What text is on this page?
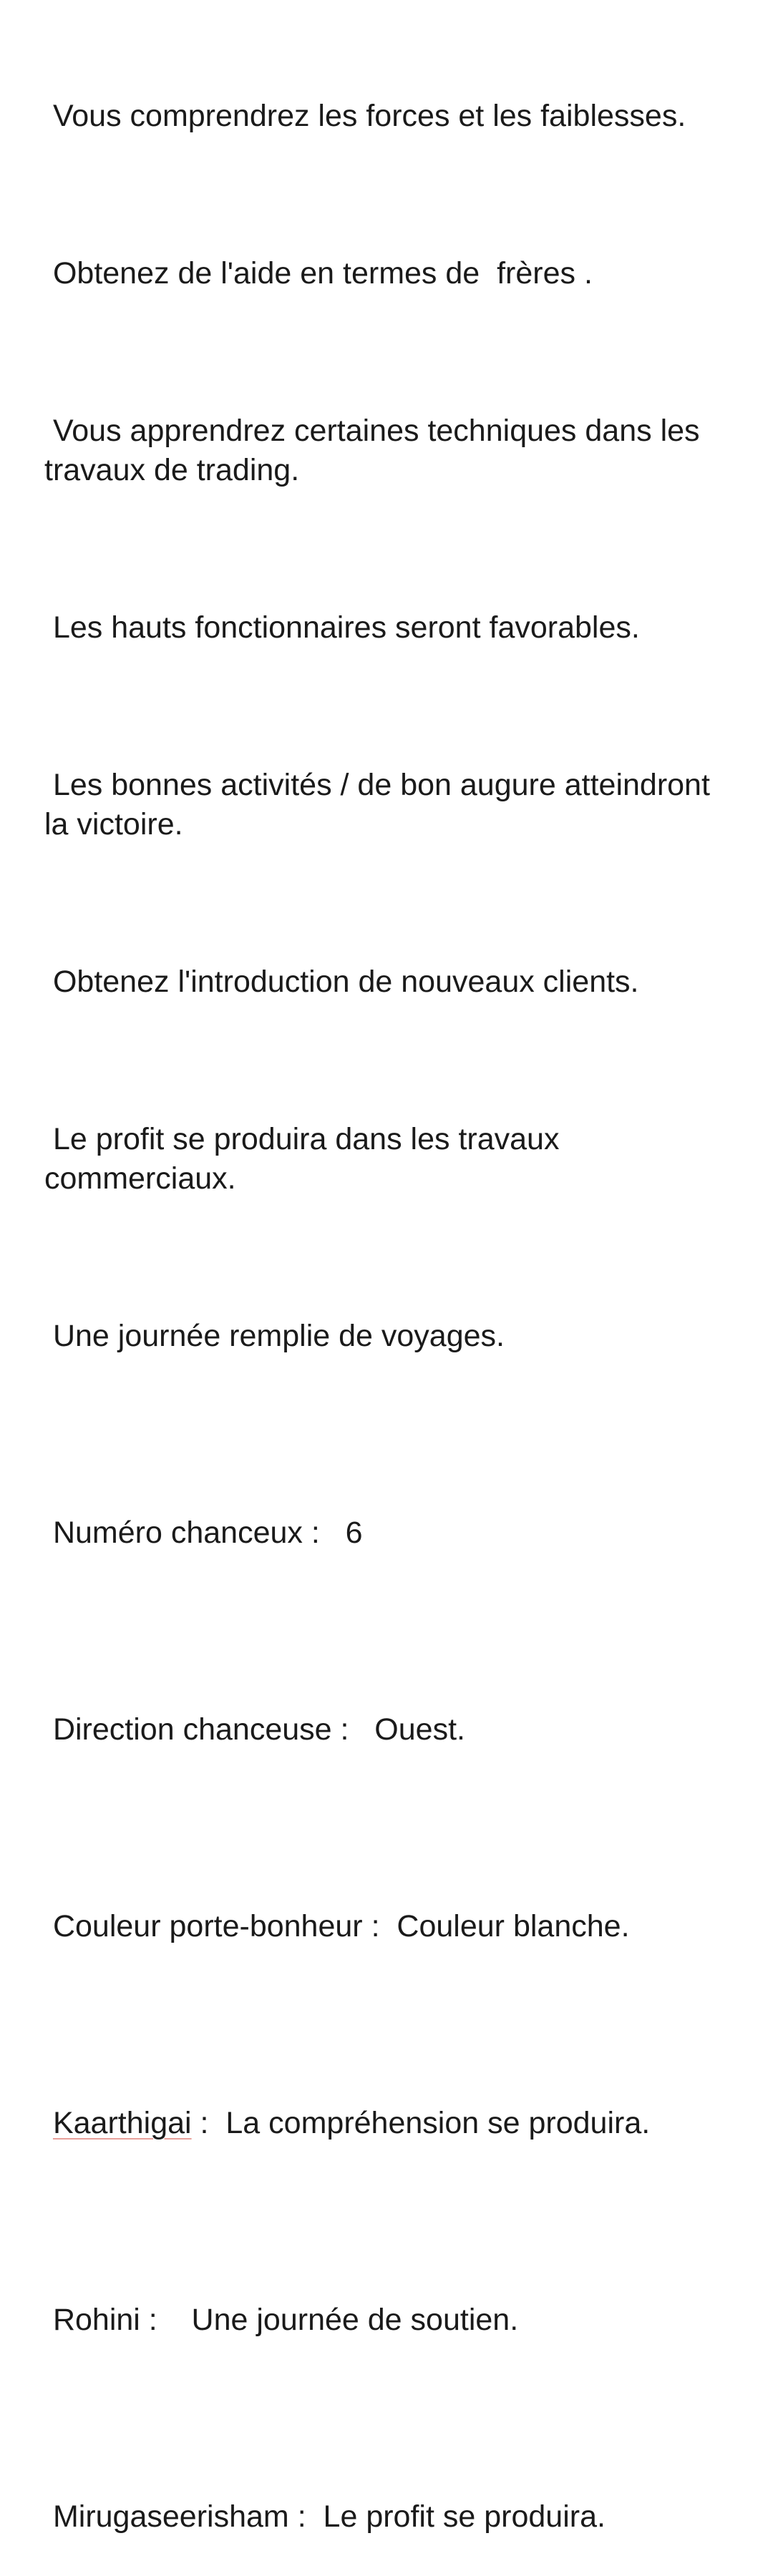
Vous comprendrez les forces et les faiblesses.

Obtenez de l'aide en termes de  frères .

Vous apprendrez certaines techniques dans les travaux de trading.

Les hauts fonctionnaires seront favorables.

Les bonnes activités / de bon augure atteindront la victoire.

Obtenez l'introduction de nouveaux clients.

Le profit se produira dans les travaux commerciaux.

Une journée remplie de voyages.

Numéro chanceux :   6

Direction chanceuse :   Ouest.

Couleur porte-bonheur :  Couleur blanche.

Kaarthigai :  La compréhension se produira.

Rohini :    Une journée de soutien.

Mirugaseerisham :  Le profit se produira.
